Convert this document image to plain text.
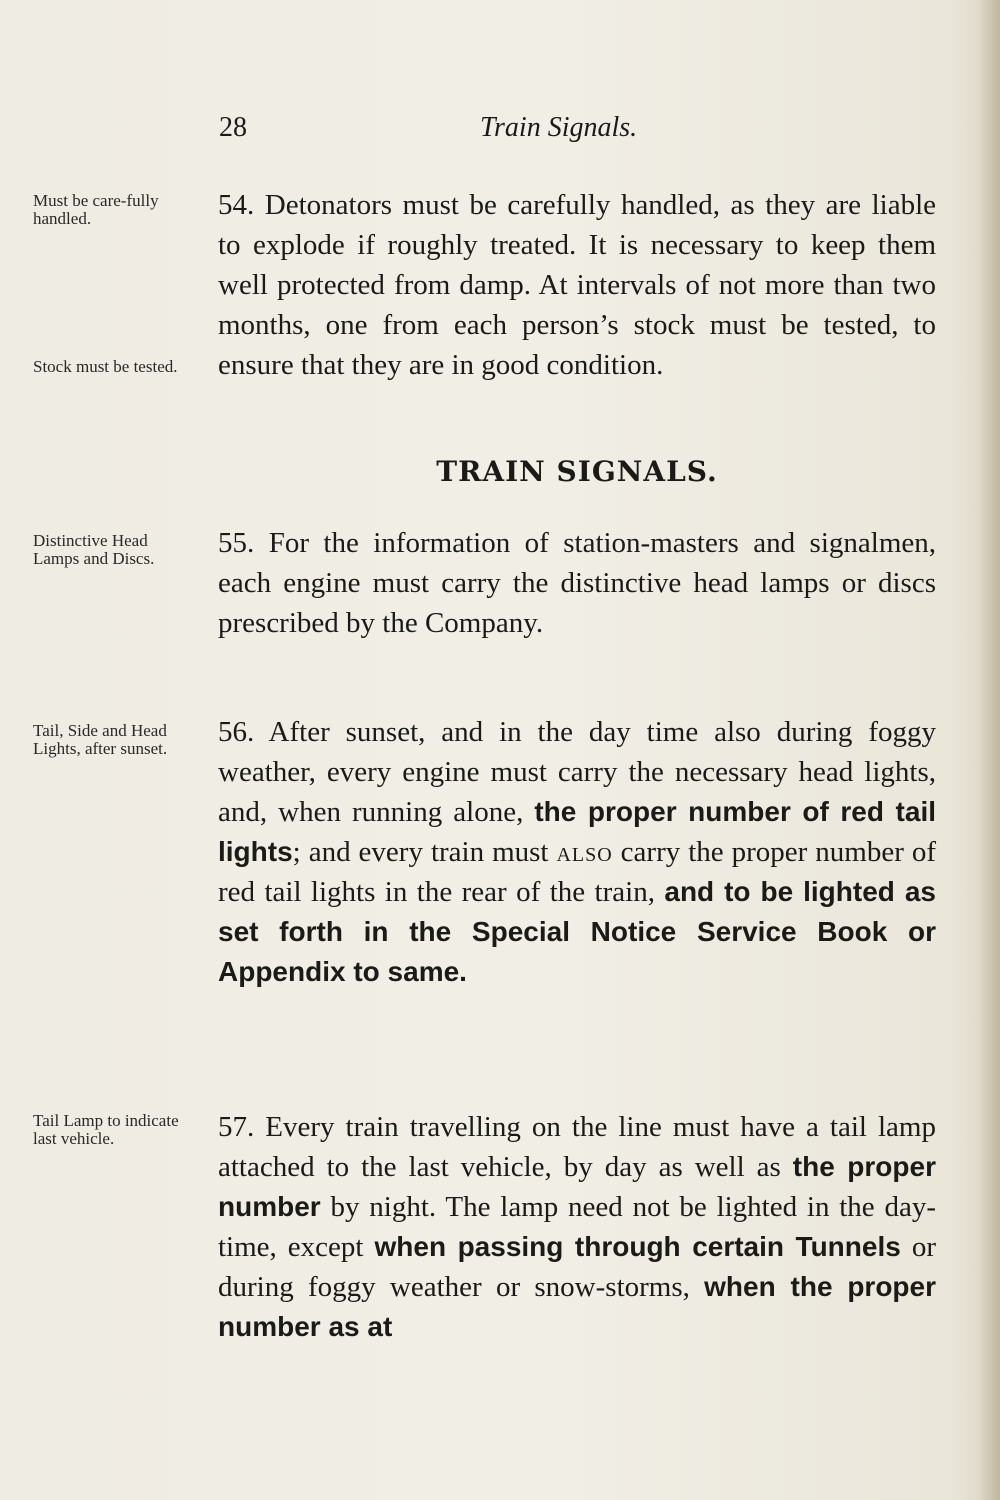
28	Train Signals.
Must be care-fully handled.
Stock must be tested.
Distinctive Head Lamps and Discs.
Tail, Side and Head Lights, after sunset.
Tail Lamp to indicate last vehicle.

54. Detonators must be carefully handled, as they are liable to explode if roughly treated. It is necessary to keep them well protected from damp. At intervals of not more than two months, one from each person’s stock must be tested, to ensure that they are in good condition.

TRAIN SIGNALS.

55. For the information of station-masters and signalmen, each engine must carry the distinctive head lamps or discs prescribed by the Company.

56. After sunset, and in the day time also during foggy weather, every engine must carry the necessary head lights, and, when running alone, the proper number of red tail lights; and every train must also carry the proper number of red tail lights in the rear of the train, and to be lighted as set forth in the Special Notice Service Book or Appendix to same.

57. Every train travelling on the line must have a tail lamp attached to the last vehicle, by day as well as the proper number by night. The lamp need not be lighted in the day-time, except when passing through certain Tunnels or during foggy weather or snow-storms, when the proper number as at
